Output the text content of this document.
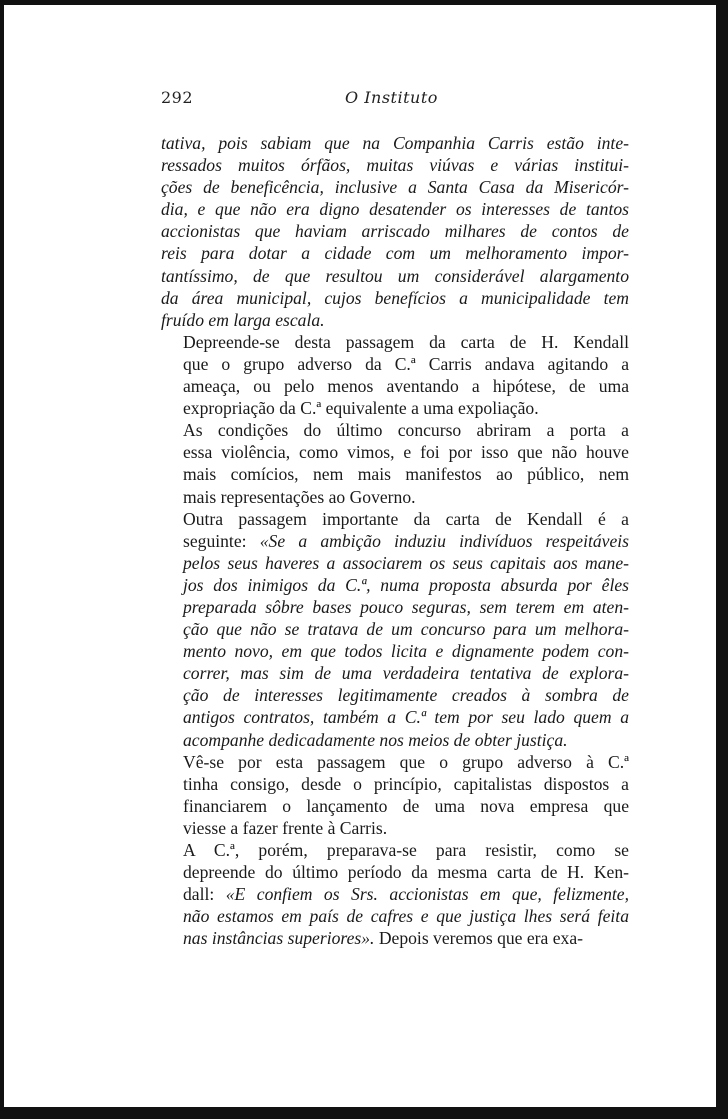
292	O Instituto

tativa, pois sabiam que na Companhia Carris estão inte-
ressados muitos órfãos, muitas viúvas e várias institui-
ções de beneficência, inclusive a Santa Casa da Misericór-
dia, e que não era digno desatender os interesses de tantos
accionistas que haviam arriscado milhares de contos de
reis para dotar a cidade com um melhoramento impor-
tantíssimo, de que resultou um considerável alargamento
da área municipal, cujos benefícios a municipalidade tem
fruído em larga escala.

Depreende-se desta passagem da carta de H. Kendall
que o grupo adverso da C.ª Carris andava agitando a
ameaça, ou pelo menos aventando a hipótese, de uma
expropriação da C.ª equivalente a uma expoliação.

As condições do último concurso abriram a porta a
essa violência, como vimos, e foi por isso que não houve
mais comícios, nem mais manifestos ao público, nem
mais representações ao Governo.

Outra passagem importante da carta de Kendall é a
seguinte: «Se a ambição induziu indivíduos respeitáveis
pelos seus haveres a associarem os seus capitais aos mane-
jos dos inimigos da C.ª, numa proposta absurda por êles
preparada sôbre bases pouco seguras, sem terem em aten-
ção que não se tratava de um concurso para um melhora-
mento novo, em que todos licita e dignamente podem con-
correr, mas sim de uma verdadeira tentativa de explora-
ção de interesses legitimamente creados à sombra de
antigos contratos, também a C.ª tem por seu lado quem a
acompanhe dedicadamente nos meios de obter justiça.

Vê-se por esta passagem que o grupo adverso à C.ª
tinha consigo, desde o princípio, capitalistas dispostos a
financiarem o lançamento de uma nova empresa que
viesse a fazer frente à Carris.

A C.ª, porém, preparava-se para resistir, como se
depreende do último período da mesma carta de H. Ken-
dall: «E confiem os Srs. accionistas em que, felizmente,
não estamos em país de cafres e que justiça lhes será feita
nas instâncias superiores». Depois veremos que era exa-
